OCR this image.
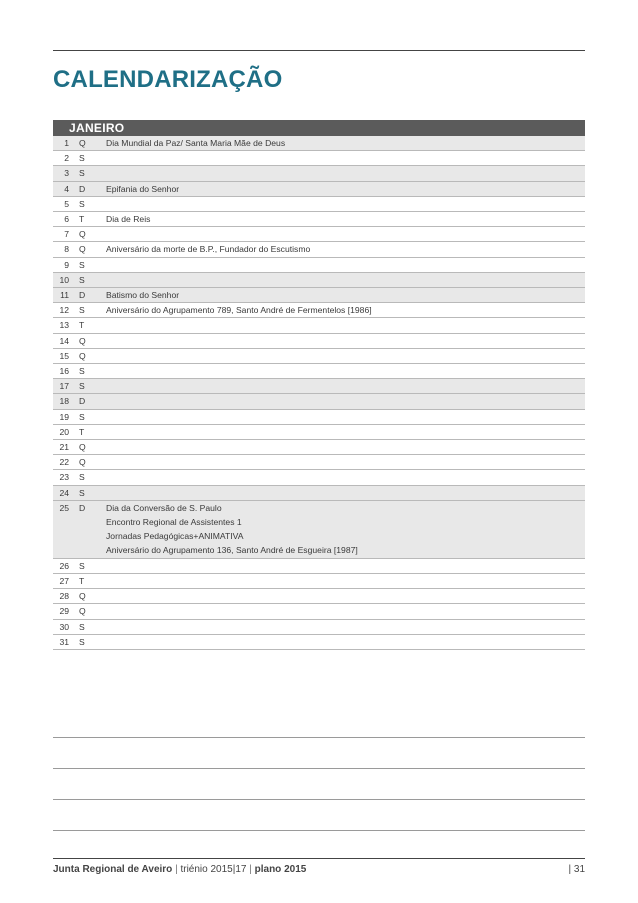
CALENDARIZAÇÃO
JANEIRO
1	Q	Dia Mundial da Paz/ Santa Maria Mãe de Deus
2	S
3	S
4	D	Epifania do Senhor
5	S
6	T	Dia de Reis
7	Q
8	Q	Aniversário da morte de B.P., Fundador do Escutismo
9	S
10	S
11	D	Batismo do Senhor
12	S	Aniversário do Agrupamento 789, Santo André de Fermentelos [1986]
13	T
14	Q
15	Q
16	S
17	S
18	D
19	S
20	T
21	Q
22	Q
23	S
24	S
25	D	Dia da Conversão de S. Paulo
Encontro Regional de Assistentes 1
Jornadas Pedagógicas+ANIMATIVA
Aniversário do Agrupamento 136, Santo André de Esgueira [1987]
26	S
27	T
28	Q
29	Q
30	S
31	S
Junta Regional de Aveiro | triénio 2015|17 | plano 2015	| 31
